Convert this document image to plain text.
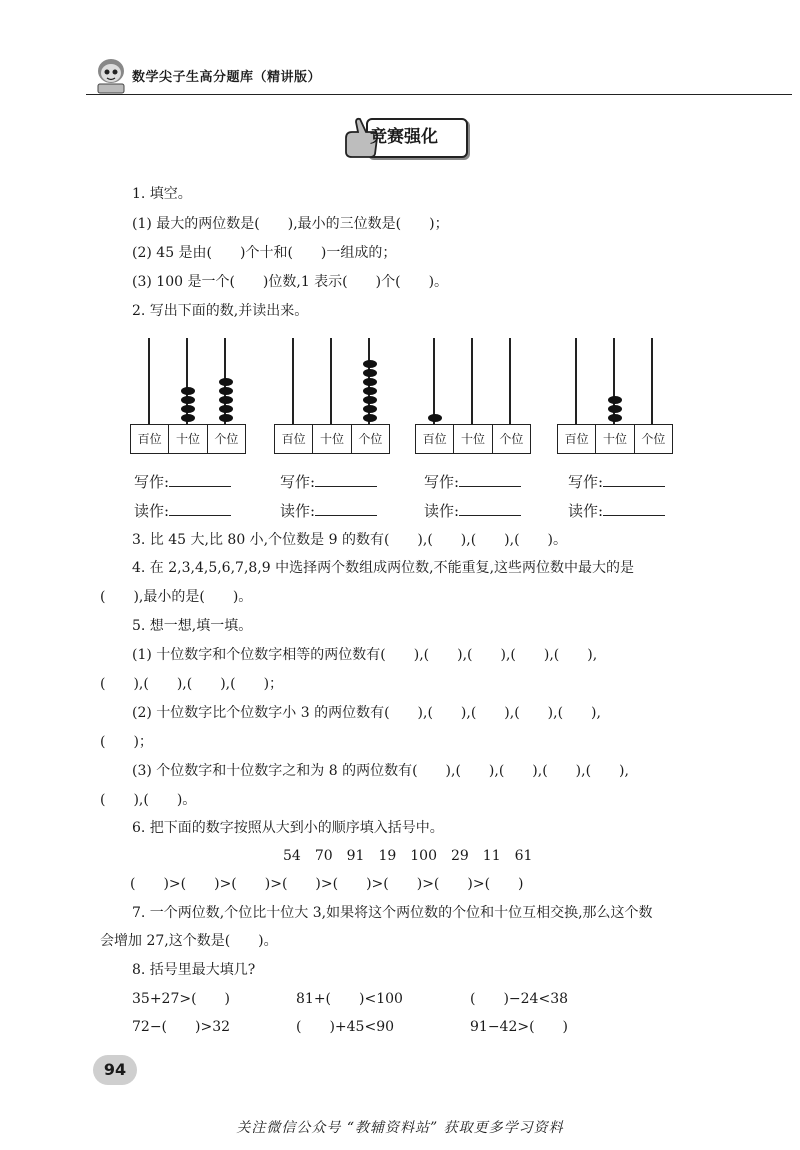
数学尖子生高分题库（精讲版）
竞赛强化
1. 填空。
(1) 最大的两位数是(　　),最小的三位数是(　　)；
(2) 45 是由(　　)个十和(　　)一组成的；
(3) 100 是一个(　　)位数,1 表示(　　)个(　　)。
2. 写出下面的数,并读出来。
百位	十位	个位	百位	十位	个位	百位	十位	个位	百位	十位	个位
写作:
读作:
写作:
读作:
写作:
读作:
写作:
读作:
3. 比 45 大,比 80 小,个位数是 9 的数有(　　),(　　),(　　),(　　)。
4. 在 2,3,4,5,6,7,8,9 中选择两个数组成两位数,不能重复,这些两位数中最大的是
(　　),最小的是(　　)。
5. 想一想,填一填。
(1) 十位数字和个位数字相等的两位数有(　　),(　　),(　　),(　　),(　　),
(　　),(　　),(　　),(　　)；
(2) 十位数字比个位数字小 3 的两位数有(　　),(　　),(　　),(　　),(　　),
(　　)；
(3) 个位数字和十位数字之和为 8 的两位数有(　　),(　　),(　　),(　　),(　　),
(　　),(　　)。
6. 把下面的数字按照从大到小的顺序填入括号中。
54　70　91　19　100　29　11　61
(　　)>(　　)>(　　)>(　　)>(　　)>(　　)>(　　)>(　　)
7. 一个两位数,个位比十位大 3,如果将这个两位数的个位和十位互相交换,那么这个数
会增加 27,这个数是(　　)。
8. 括号里最大填几?
35+27>(　　)	81+(　　)<100	(　　)−24<38
72−(　　)>32	(　　)+45<90	91−42>(　　)
94
关注微信公众号 “教辅资料站” 获取更多学习资料
